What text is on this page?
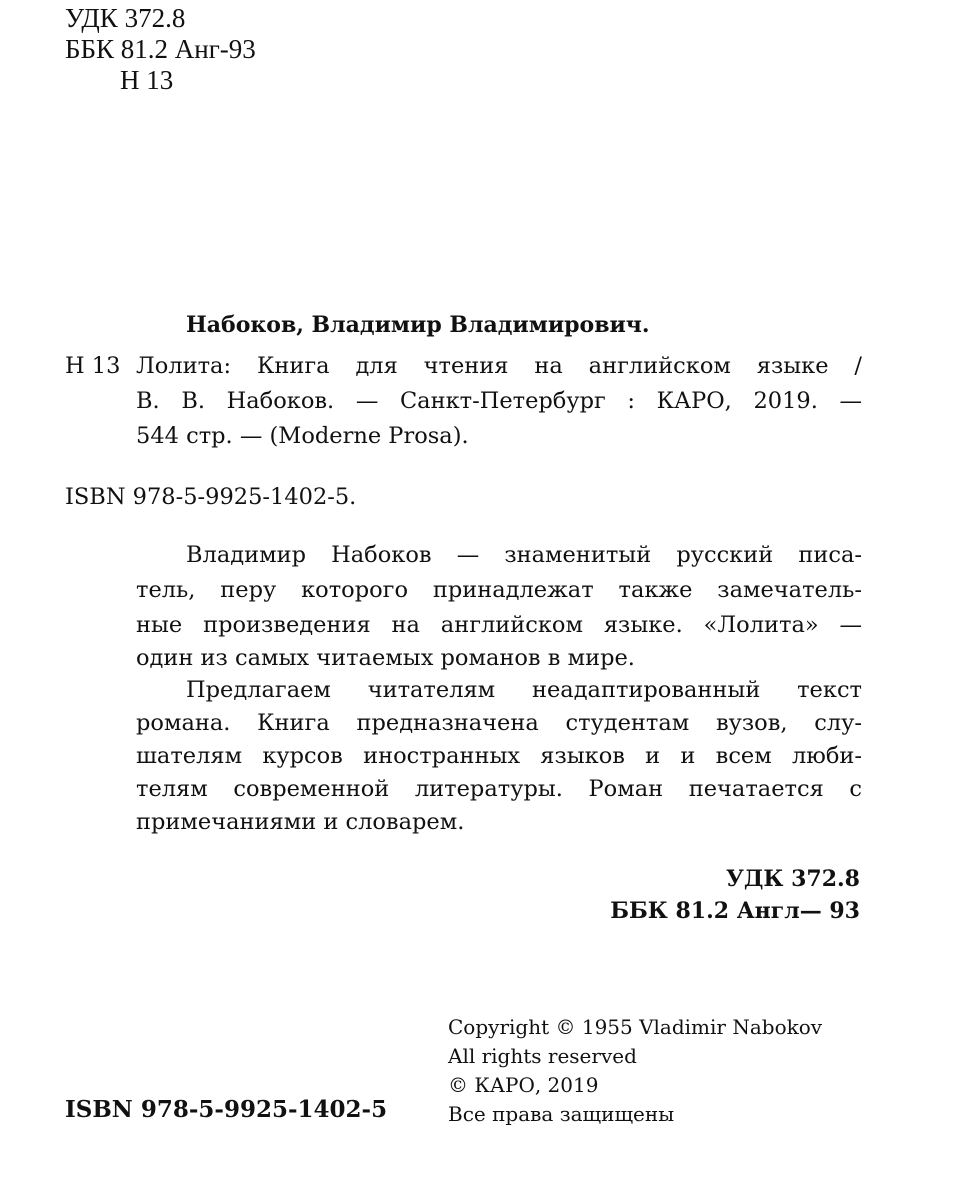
УДК 372.8
ББК 81.2 Анг-93
Н 13
Набоков, Владимир Владимирович.
Н 13 Лолита: Книга для чтения на английском языке /
В. В. Набоков. — Санкт-Петербург : КАРО, 2019. —
544 стр. — (Moderne Prosa).
ISBN 978-5-9925-1402-5.
Владимир Набоков — знаменитый русский писа-
тель, перу которого принадлежат также замечатель-
ные произведения на английском языке. «Лолита» —
один из самых читаемых романов в мире.
Предлагаем читателям неадаптированный текст
романа. Книга предназначена студентам вузов, слу-
шателям курсов иностранных языков и и всем люби-
телям современной литературы. Роман печатается с
примечаниями и словарем.
УДК 372.8
ББК 81.2 Англ— 93
Copyright © 1955 Vladimir Nabokov
All rights reserved
© КАРО, 2019
Все права защищены
ISBN 978-5-9925-1402-5
